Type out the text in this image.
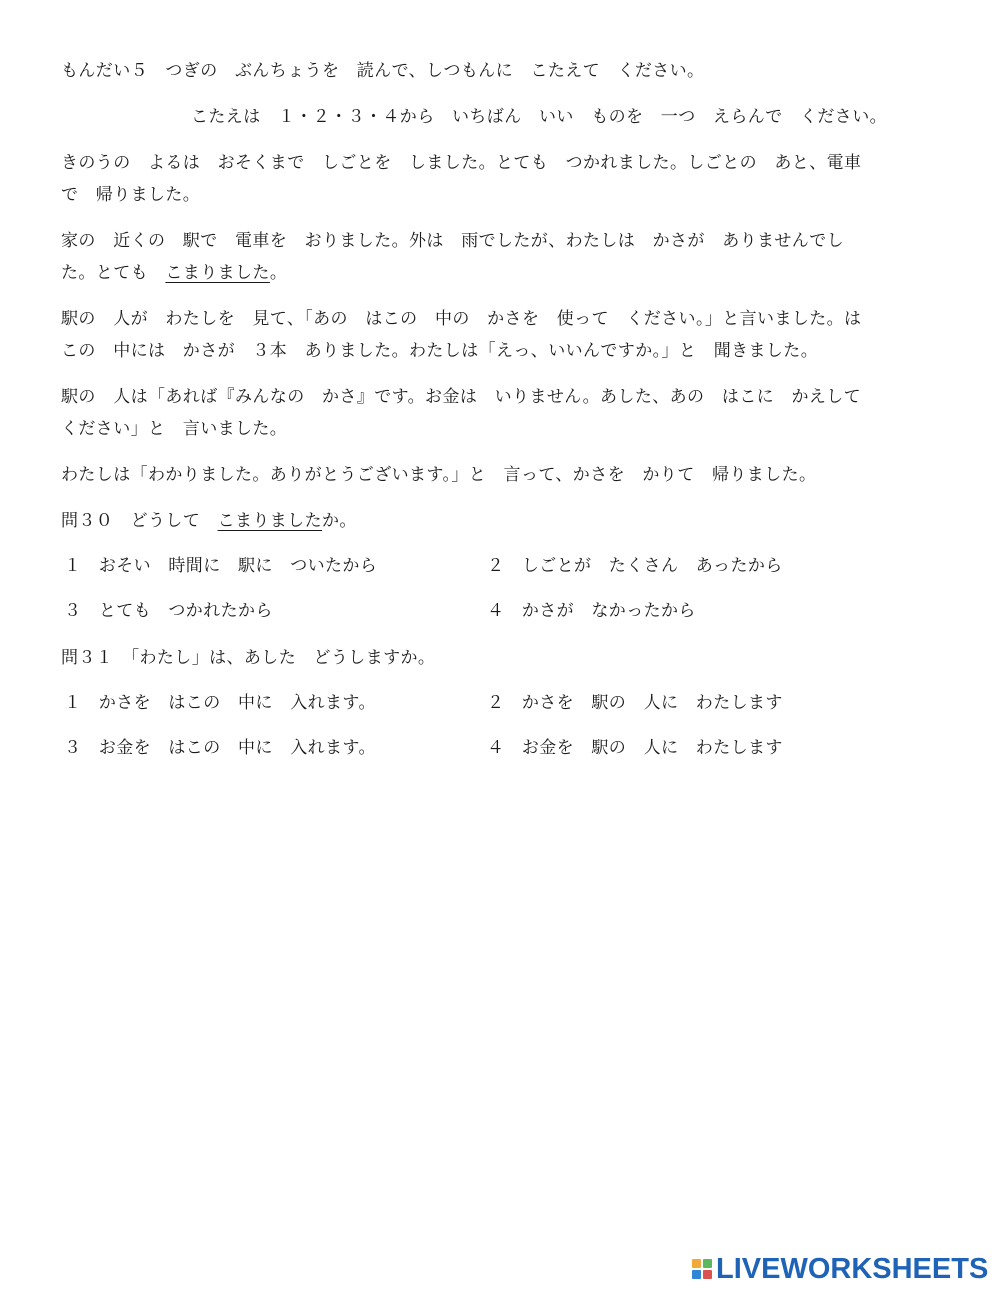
もんだい５　つぎの　ぶんちょうを　読んで、しつもんに　こたえて　ください。
こたえは　１・２・３・４から　いちばん　いい　ものを　一つ　えらんで　ください。
きのうの　よるは　おそくまで　しごとを　しました。とても　つかれました。しごとの　あと、電車
で　帰りました。
家の　近くの　駅で　電車を　おりました。外は　雨でしたが、わたしは　かさが　ありませんでし
た。とても　こまりました。
駅の　人が　わたしを　見て、「あの　はこの　中の　かさを　使って　ください。」と言いました。は
この　中には　かさが　３本　ありました。わたしは「えっ、いいんですか。」と　聞きました。
駅の　人は「あれば『みんなの　かさ』です。お金は　いりません。あした、あの　はこに　かえして
ください」と　言いました。
わたしは「わかりました。ありがとうございます。」と　言って、かさを　かりて　帰りました。
問３０　どうして　こまりましたか。
１　 おそい　時間に　駅に　ついたから	２　 しごとが　たくさん　あったから
３　 とても　つかれたから	４　 かさが　なかったから
問３１　「わたし」は、あした　どうしますか。
１　 かさを　はこの　中に　入れます。	２　 かさを　駅の　人に　わたします
３　 お金を　はこの　中に　入れます。	４　 お金を　駅の　人に　わたします
LIVEWORKSHEETS
